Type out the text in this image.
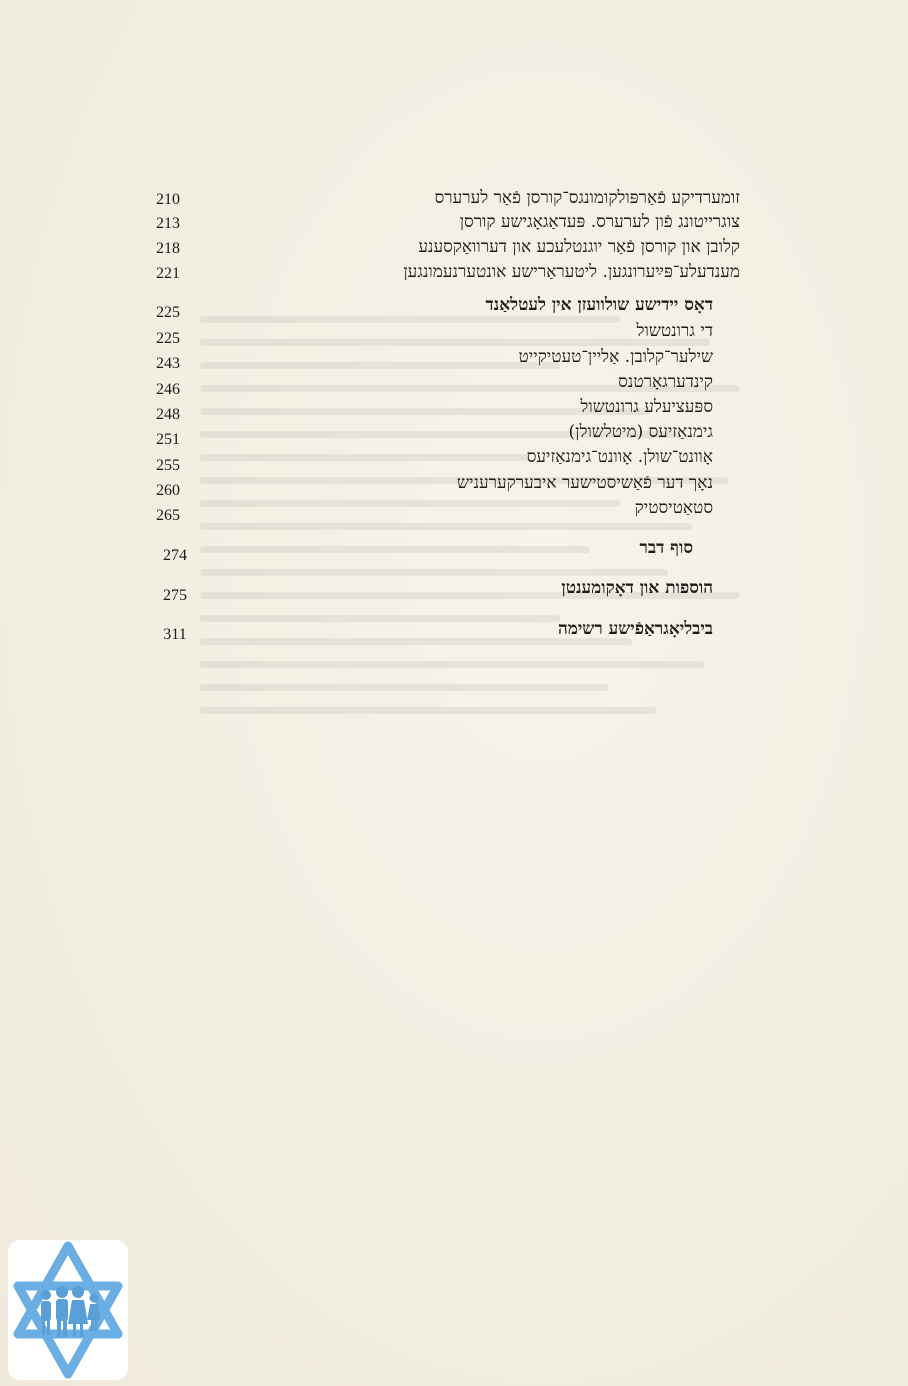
זומערדיקע פֿאַרפּולקומונגס־קורסן פֿאַר לערערס
210
צוגרייטונג פֿון לערערס. פּעדאַגאָגישע קורסן
213
קלובן און קורסן פֿאַר יוגנטלעכע און דערוואַקסענע
218
מענדעלע־פּײַערונגען. ליטעראַרישע אונטערנעמונגען
221
דאָס יידישע שולוועזן אין לעטלאַנד
225
די גרונטשול
225
שילער־קלובן. אַליין־טעטיקייט
243
קינדערגאָרטנס
246
ספּעציעלע גרונטשול
248
גימנאַזיעס (מיטלשולן)
251
אָוונט־שולן. אָוונט־גימנאַזיעס
255
נאָך דער פֿאַשיסטישער איבערקערעניש
260
סטאַטיסטיק
265
סוף דבר
274
הוספות און דאָקומענטן
275
ביבליאָגראַפֿישע רשימה
311
